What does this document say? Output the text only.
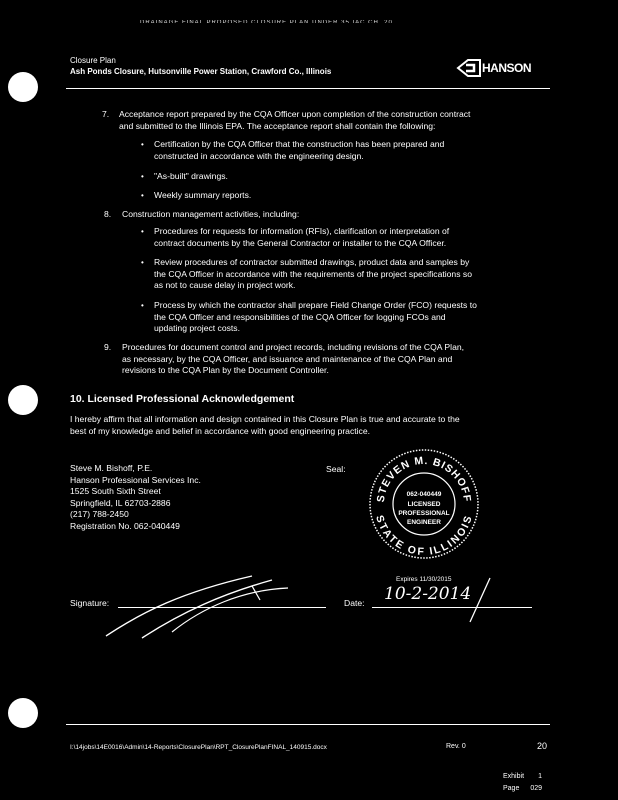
DRAINAGE FINAL PROPOSED CLOSURE PLAN UNDER 35 IAC CH. 20
Closure Plan
Ash Ponds Closure, Hutsonville Power Station, Crawford Co., Illinois	HANSON
7. Acceptance report prepared by the CQA Officer upon completion of the construction contract
and submitted to the Illinois EPA. The acceptance report shall contain the following:
• Certification by the CQA Officer that the construction has been prepared and
constructed in accordance with the engineering design.
• "As-built" drawings.
• Weekly summary reports.
8. Construction management activities, including:
• Procedures for requests for information (RFIs), clarification or interpretation of
contract documents by the General Contractor or installer to the CQA Officer.
• Review procedures of contractor submitted drawings, product data and samples by
the CQA Officer in accordance with the requirements of the project specifications so
as not to cause delay in project work.
• Process by which the contractor shall prepare Field Change Order (FCO) requests to
the CQA Officer and responsibilities of the CQA Officer for logging FCOs and
updating project costs.
9. Procedures for document control and project records, including revisions of the CQA Plan,
as necessary, by the CQA Officer, and issuance and maintenance of the CQA Plan and
revisions to the CQA Plan by the Document Controller.
10. Licensed Professional Acknowledgement
I hereby affirm that all information and design contained in this Closure Plan is true and accurate to the
best of my knowledge and belief in accordance with good engineering practice.
Steve M. Bishoff, P.E.
Hanson Professional Services Inc.
1525 South Sixth Street
Springfield, IL 62703-2886
(217) 788-2450
Registration No. 062-040449
Seal:
STEVEN M. BISHOFF
STATE OF ILLINOIS
062-040449
LICENSED
PROFESSIONAL
ENGINEER
Expires 11/30/2015
Signature:	Date: 10-2-2014
I:\14jobs\14E0016\Admin\14-Reports\ClosurePlan\RPT_ClosurePlanFINAL_140915.docx	Rev. 0	20
Exhibit
Page
1
029
